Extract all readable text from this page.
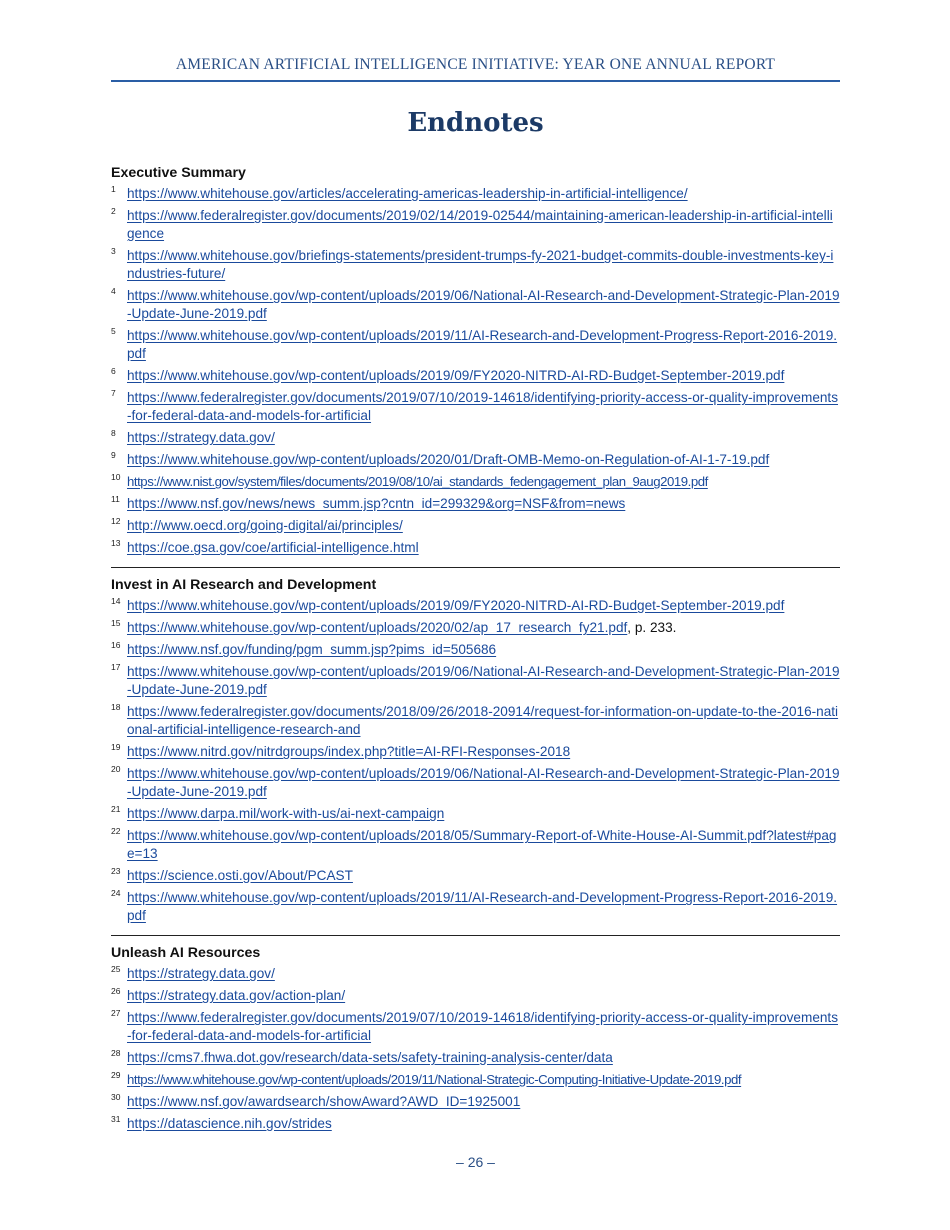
AMERICAN ARTIFICIAL INTELLIGENCE INITIATIVE: YEAR ONE ANNUAL REPORT
Endnotes
Executive Summary
1 https://www.whitehouse.gov/articles/accelerating-americas-leadership-in-artificial-intelligence/
2 https://www.federalregister.gov/documents/2019/02/14/2019-02544/maintaining-american-leadership-in-artificial-intelligence
3 https://www.whitehouse.gov/briefings-statements/president-trumps-fy-2021-budget-commits-double-investments-key-industries-future/
4 https://www.whitehouse.gov/wp-content/uploads/2019/06/National-AI-Research-and-Development-Strategic-Plan-2019-Update-June-2019.pdf
5 https://www.whitehouse.gov/wp-content/uploads/2019/11/AI-Research-and-Development-Progress-Report-2016-2019.pdf
6 https://www.whitehouse.gov/wp-content/uploads/2019/09/FY2020-NITRD-AI-RD-Budget-September-2019.pdf
7 https://www.federalregister.gov/documents/2019/07/10/2019-14618/identifying-priority-access-or-quality-improvements-for-federal-data-and-models-for-artificial
8 https://strategy.data.gov/
9 https://www.whitehouse.gov/wp-content/uploads/2020/01/Draft-OMB-Memo-on-Regulation-of-AI-1-7-19.pdf
10 https://www.nist.gov/system/files/documents/2019/08/10/ai_standards_fedengagement_plan_9aug2019.pdf
11 https://www.nsf.gov/news/news_summ.jsp?cntn_id=299329&org=NSF&from=news
12 http://www.oecd.org/going-digital/ai/principles/
13 https://coe.gsa.gov/coe/artificial-intelligence.html
Invest in AI Research and Development
14 https://www.whitehouse.gov/wp-content/uploads/2019/09/FY2020-NITRD-AI-RD-Budget-September-2019.pdf
15 https://www.whitehouse.gov/wp-content/uploads/2020/02/ap_17_research_fy21.pdf, p. 233.
16 https://www.nsf.gov/funding/pgm_summ.jsp?pims_id=505686
17 https://www.whitehouse.gov/wp-content/uploads/2019/06/National-AI-Research-and-Development-Strategic-Plan-2019-Update-June-2019.pdf
18 https://www.federalregister.gov/documents/2018/09/26/2018-20914/request-for-information-on-update-to-the-2016-national-artificial-intelligence-research-and
19 https://www.nitrd.gov/nitrdgroups/index.php?title=AI-RFI-Responses-2018
20 https://www.whitehouse.gov/wp-content/uploads/2019/06/National-AI-Research-and-Development-Strategic-Plan-2019-Update-June-2019.pdf
21 https://www.darpa.mil/work-with-us/ai-next-campaign
22 https://www.whitehouse.gov/wp-content/uploads/2018/05/Summary-Report-of-White-House-AI-Summit.pdf?latest#page=13
23 https://science.osti.gov/About/PCAST
24 https://www.whitehouse.gov/wp-content/uploads/2019/11/AI-Research-and-Development-Progress-Report-2016-2019.pdf
Unleash AI Resources
25 https://strategy.data.gov/
26 https://strategy.data.gov/action-plan/
27 https://www.federalregister.gov/documents/2019/07/10/2019-14618/identifying-priority-access-or-quality-improvements-for-federal-data-and-models-for-artificial
28 https://cms7.fhwa.dot.gov/research/data-sets/safety-training-analysis-center/data
29 https://www.whitehouse.gov/wp-content/uploads/2019/11/National-Strategic-Computing-Initiative-Update-2019.pdf
30 https://www.nsf.gov/awardsearch/showAward?AWD_ID=1925001
31 https://datascience.nih.gov/strides
– 26 –
